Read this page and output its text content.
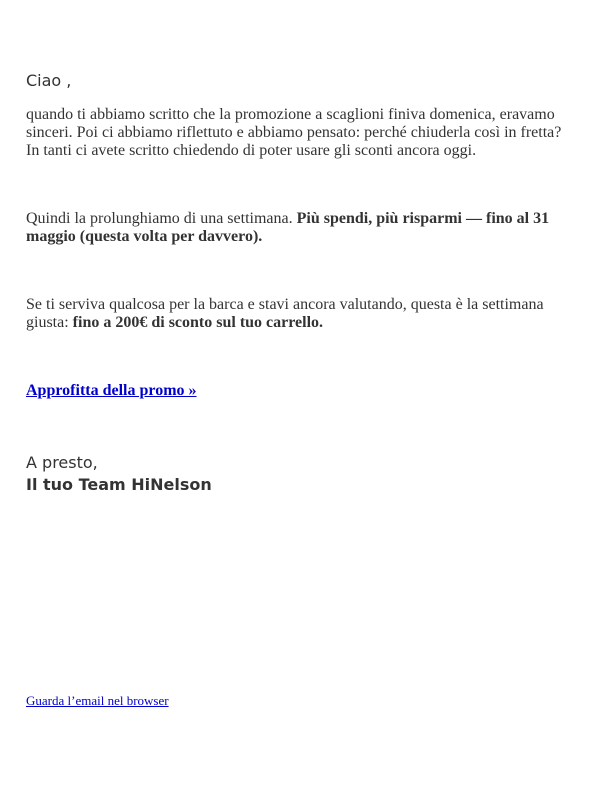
Ciao ,

quando ti abbiamo scritto che la promozione a scaglioni finiva domenica, eravamo sinceri. Poi ci abbiamo riflettuto e abbiamo pensato: perché chiuderla così in fretta? In tanti ci avete scritto chiedendo di poter usare gli sconti ancora oggi.

Quindi la prolunghiamo di una settimana. Più spendi, più risparmi — fino al 31 maggio (questa volta per davvero).

Se ti serviva qualcosa per la barca e stavi ancora valutando, questa è la settimana giusta: fino a 200€ di sconto sul tuo carrello.

Approfitta della promo »

A presto,

Il tuo Team HiNelson

Guarda l’email nel browser
